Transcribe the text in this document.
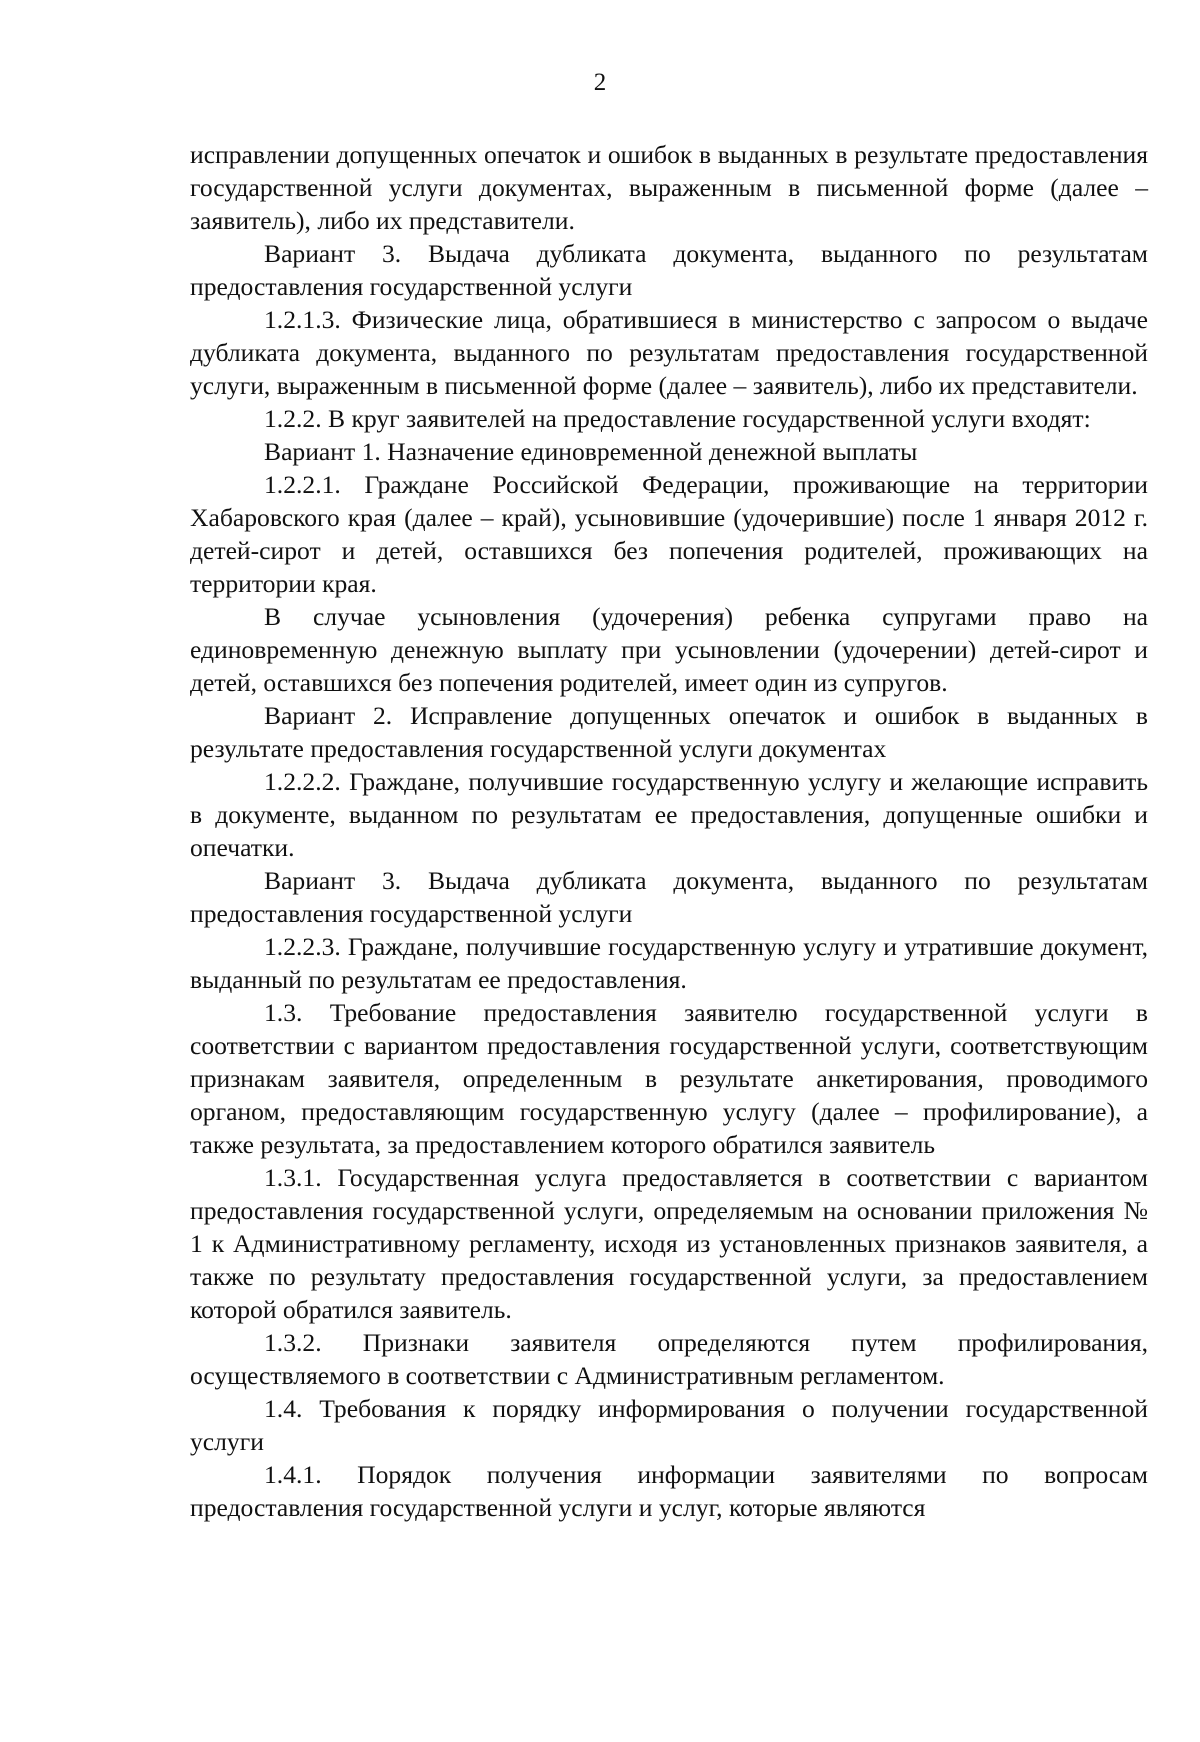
2

исправлении допущенных опечаток и ошибок в выданных в результате предоставления государственной услуги документах, выраженным в письменной форме (далее – заявитель), либо их представители.

Вариант 3. Выдача дубликата документа, выданного по результатам предоставления государственной услуги

1.2.1.3. Физические лица, обратившиеся в министерство с запросом о выдаче дубликата документа, выданного по результатам предоставления государственной услуги, выраженным в письменной форме (далее – заявитель), либо их представители.

1.2.2. В круг заявителей на предоставление государственной услуги входят:

Вариант 1. Назначение единовременной денежной выплаты

1.2.2.1. Граждане Российской Федерации, проживающие на территории Хабаровского края (далее – край), усыновившие (удочерившие) после 1 января 2012 г. детей-сирот и детей, оставшихся без попечения родителей, проживающих на территории края.

В случае усыновления (удочерения) ребенка супругами право на единовременную денежную выплату при усыновлении (удочерении) детей-сирот и детей, оставшихся без попечения родителей, имеет один из супругов.

Вариант 2. Исправление допущенных опечаток и ошибок в выданных в результате предоставления государственной услуги документах

1.2.2.2. Граждане, получившие государственную услугу и желающие исправить в документе, выданном по результатам ее предоставления, допущенные ошибки и опечатки.

Вариант 3. Выдача дубликата документа, выданного по результатам предоставления государственной услуги

1.2.2.3. Граждане, получившие государственную услугу и утратившие документ, выданный по результатам ее предоставления.

1.3. Требование предоставления заявителю государственной услуги в соответствии с вариантом предоставления государственной услуги, соответствующим признакам заявителя, определенным в результате анкетирования, проводимого органом, предоставляющим государственную услугу (далее – профилирование), а также результата, за предоставлением которого обратился заявитель

1.3.1. Государственная услуга предоставляется в соответствии с вариантом предоставления государственной услуги, определяемым на основании приложения № 1 к Административному регламенту, исходя из установленных признаков заявителя, а также по результату предоставления государственной услуги, за предоставлением которой обратился заявитель.

1.3.2. Признаки заявителя определяются путем профилирования, осуществляемого в соответствии с Административным регламентом.

1.4. Требования к порядку информирования о получении государственной услуги

1.4.1. Порядок получения информации заявителями по вопросам предоставления государственной услуги и услуг, которые являются
